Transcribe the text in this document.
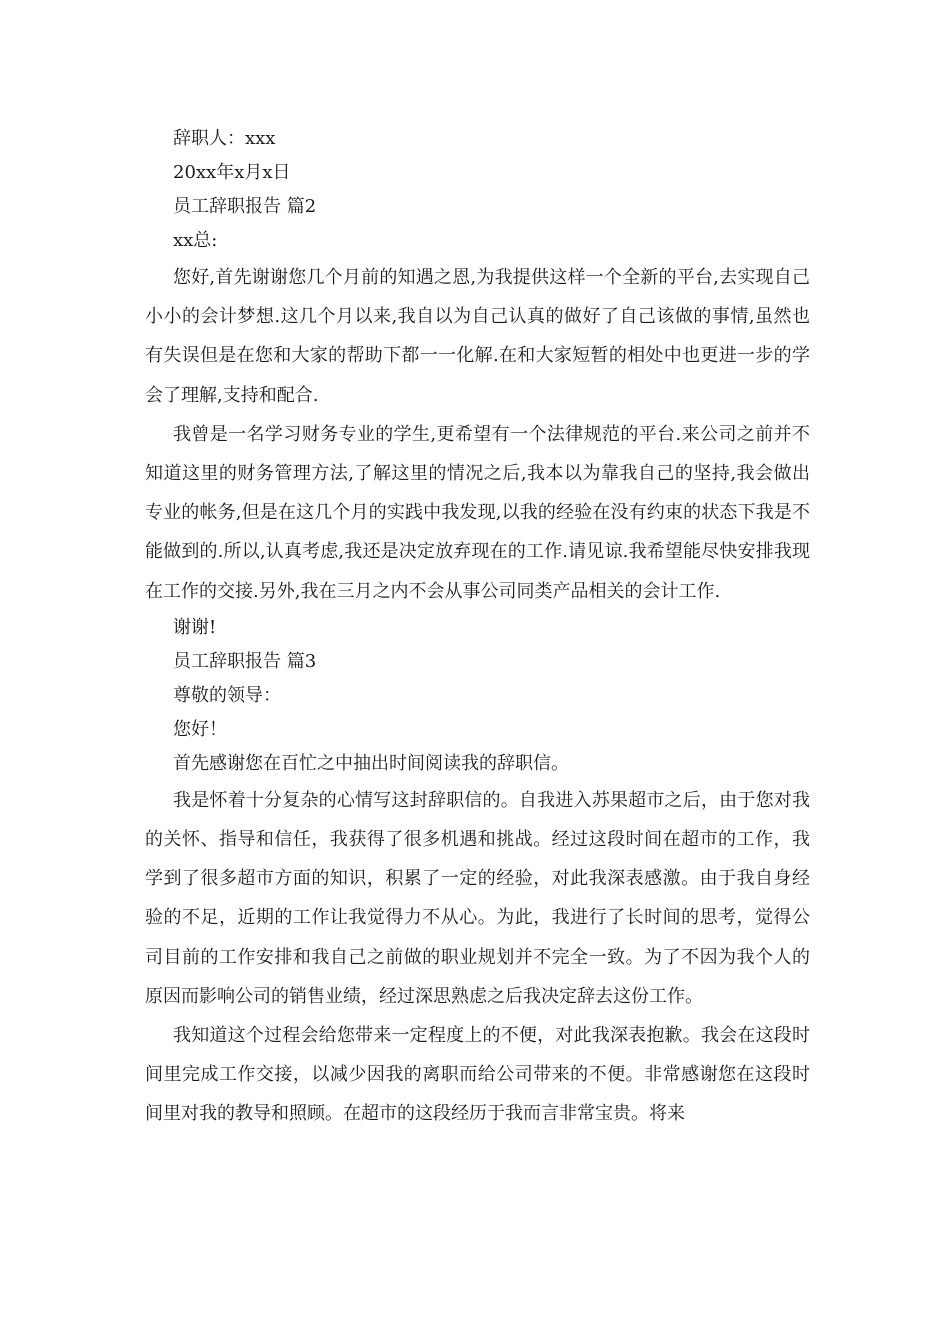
辞职人：xxx

20xx年x月x日

员工辞职报告 篇2

xx总:

您好,首先谢谢您几个月前的知遇之恩,为我提供这样一个全新的平台,去实现自己小小的会计梦想.这几个月以来,我自以为自己认真的做好了自己该做的事情,虽然也有失误但是在您和大家的帮助下都一一化解.在和大家短暂的相处中也更进一步的学会了理解,支持和配合.

我曾是一名学习财务专业的学生,更希望有一个法律规范的平台.来公司之前并不知道这里的财务管理方法,了解这里的情况之后,我本以为靠我自己的坚持,我会做出专业的帐务,但是在这几个月的实践中我发现,以我的经验在没有约束的状态下我是不能做到的.所以,认真考虑,我还是决定放弃现在的工作.请见谅.我希望能尽快安排我现在工作的交接.另外,我在三月之内不会从事公司同类产品相关的会计工作.

谢谢!

员工辞职报告 篇3

尊敬的领导：

您好！

首先感谢您在百忙之中抽出时间阅读我的辞职信。

我是怀着十分复杂的心情写这封辞职信的。自我进入苏果超市之后，由于您对我的关怀、指导和信任，我获得了很多机遇和挑战。经过这段时间在超市的工作，我学到了很多超市方面的知识，积累了一定的经验，对此我深表感激。由于我自身经验的不足，近期的工作让我觉得力不从心。为此，我进行了长时间的思考，觉得公司目前的工作安排和我自己之前做的职业规划并不完全一致。为了不因为我个人的原因而影响公司的销售业绩，经过深思熟虑之后我决定辞去这份工作。

我知道这个过程会给您带来一定程度上的不便，对此我深表抱歉。我会在这段时间里完成工作交接，以减少因我的离职而给公司带来的不便。非常感谢您在这段时间里对我的教导和照顾。在超市的这段经历于我而言非常宝贵。将来
